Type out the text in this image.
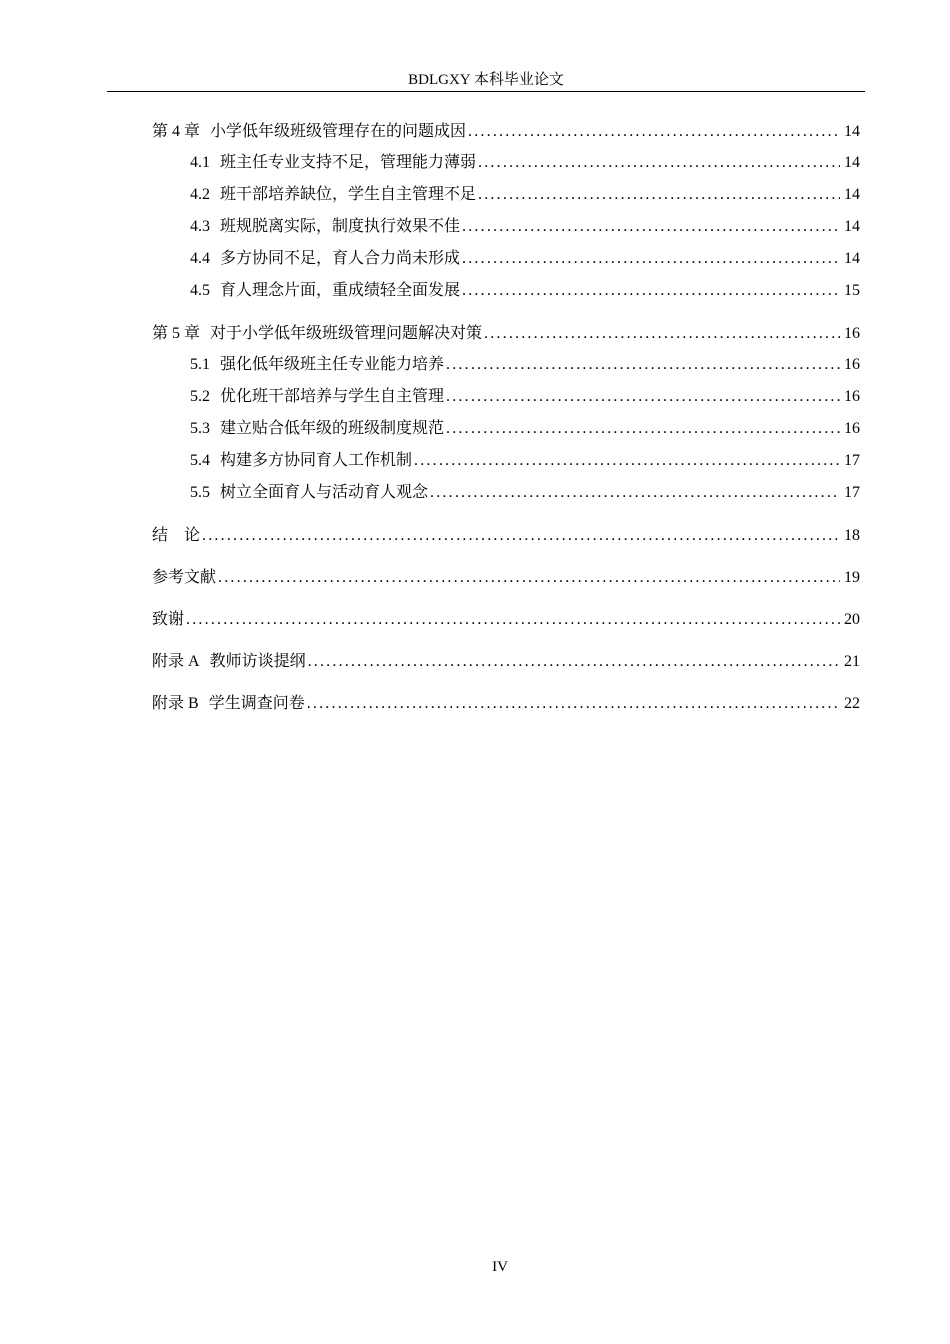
BDLGXY 本科毕业论文
第 4 章 小学低年级班级管理存在的问题成因 .....	14
4.1 班主任专业支持不足，管理能力薄弱 .....	14
4.2 班干部培养缺位，学生自主管理不足 .....	14
4.3 班规脱离实际，制度执行效果不佳 .....	14
4.4 多方协同不足，育人合力尚未形成 .....	14
4.5 育人理念片面，重成绩轻全面发展 .....	15
第 5 章 对于小学低年级班级管理问题解决对策 .....	16
5.1 强化低年级班主任专业能力培养 .....	16
5.2 优化班干部培养与学生自主管理 .....	16
5.3 建立贴合低年级的班级制度规范 .....	16
5.4 构建多方协同育人工作机制 .....	17
5.5 树立全面育人与活动育人观念 .....	17
结　论 .....	18
参考文献 .....	19
致谢 .....	20
附录 A 教师访谈提纲 .....	21
附录 B 学生调查问卷 .....	22
IV
